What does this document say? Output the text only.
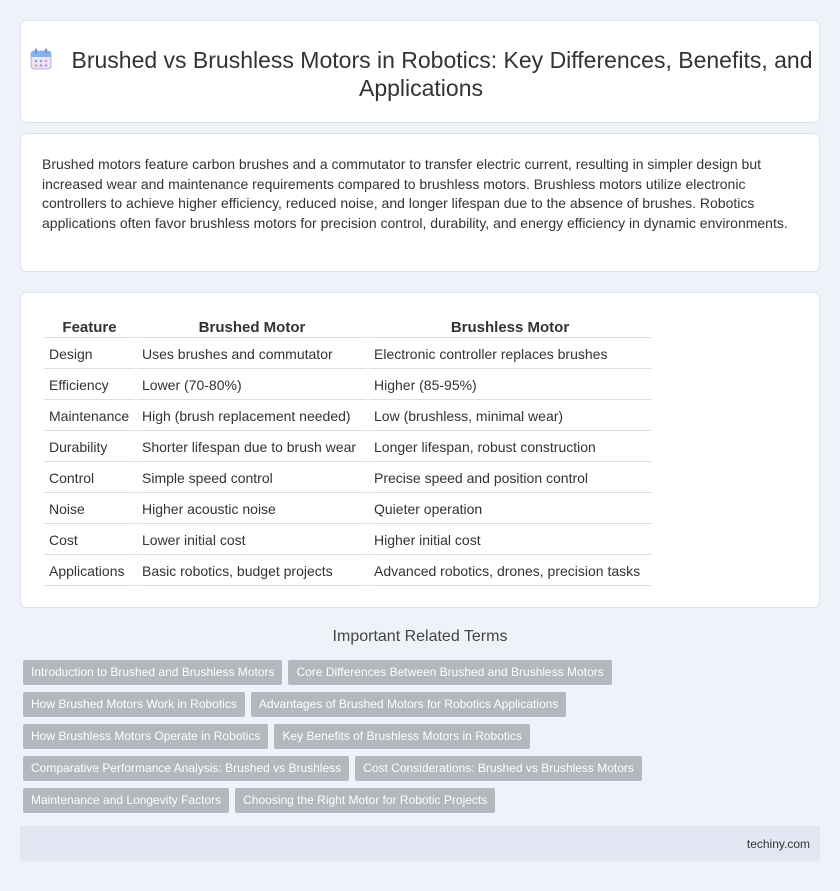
Brushed vs Brushless Motors in Robotics: Key Differences, Benefits, and Applications

Brushed motors feature carbon brushes and a commutator to transfer electric current, resulting in simpler design but increased wear and maintenance requirements compared to brushless motors. Brushless motors utilize electronic controllers to achieve higher efficiency, reduced noise, and longer lifespan due to the absence of brushes. Robotics applications often favor brushless motors for precision control, durability, and energy efficiency in dynamic environments.

Feature	Brushed Motor	Brushless Motor
Design	Uses brushes and commutator	Electronic controller replaces brushes
Efficiency	Lower (70-80%)	Higher (85-95%)
Maintenance	High (brush replacement needed)	Low (brushless, minimal wear)
Durability	Shorter lifespan due to brush wear	Longer lifespan, robust construction
Control	Simple speed control	Precise speed and position control
Noise	Higher acoustic noise	Quieter operation
Cost	Lower initial cost	Higher initial cost
Applications	Basic robotics, budget projects	Advanced robotics, drones, precision tasks
Important Related Terms
Introduction to Brushed and Brushless Motors Core Differences Between Brushed and Brushless Motors
How Brushed Motors Work in Robotics Advantages of Brushed Motors for Robotics Applications
How Brushless Motors Operate in Robotics Key Benefits of Brushless Motors in Robotics
Comparative Performance Analysis: Brushed vs Brushless Cost Considerations: Brushed vs Brushless Motors
Maintenance and Longevity Factors Choosing the Right Motor for Robotic Projects
techiny.com
